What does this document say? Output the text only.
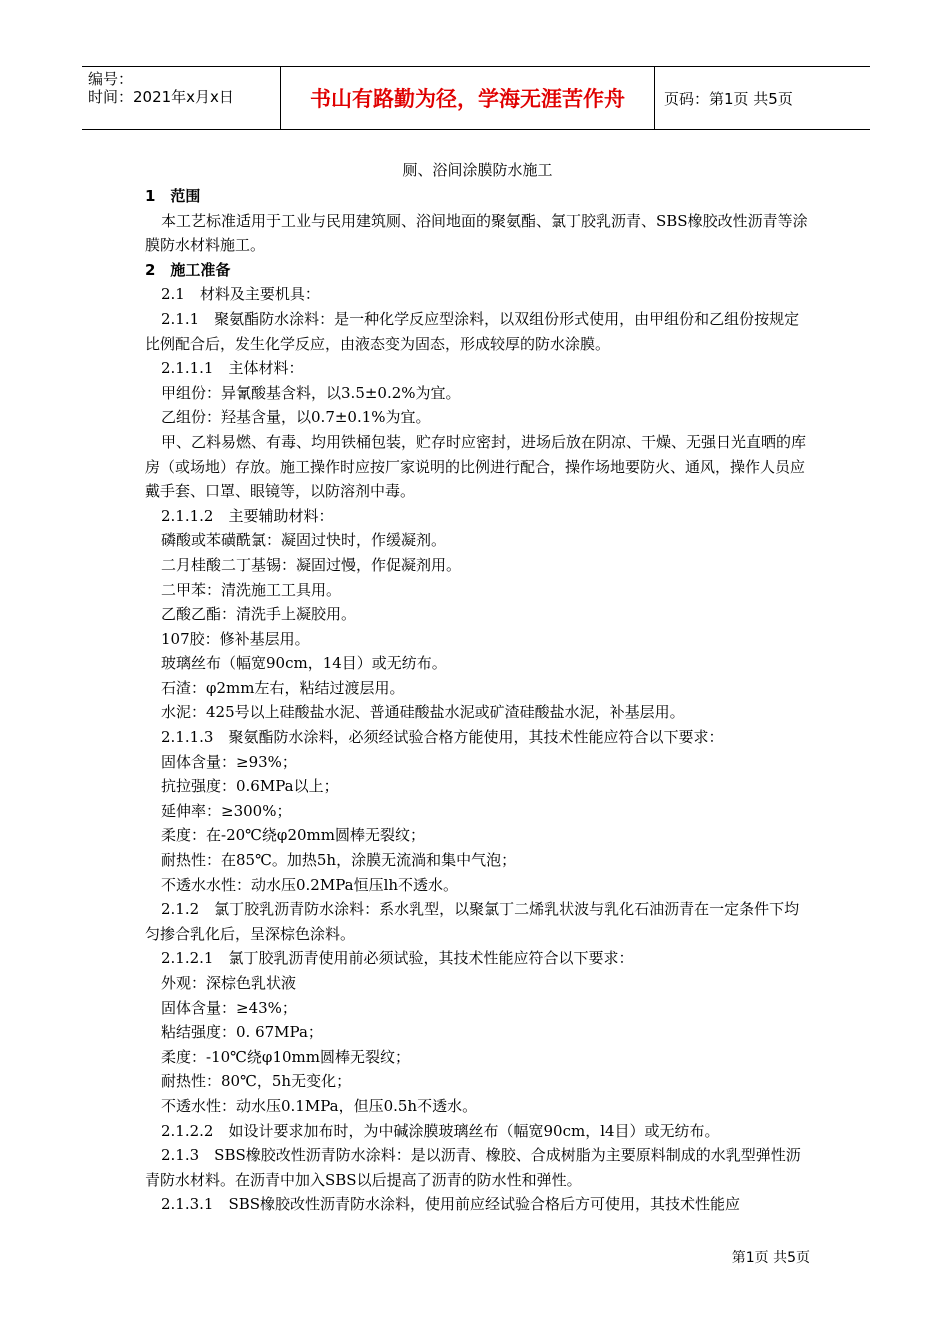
编号：
时间：2021年x月x日	书山有路勤为径，学海无涯苦作舟	页码：第1页 共5页
厕、浴间涂膜防水施工

1　范围

本工艺标准适用于工业与民用建筑厕、浴间地面的聚氨酯、氯丁胶乳沥青、SBS橡胶改性沥青等涂膜防水材料施工。

2　施工准备

2.1　材料及主要机具：

2.1.1　聚氨酯防水涂料：是一种化学反应型涂料，以双组份形式使用，由甲组份和乙组份按规定比例配合后，发生化学反应，由液态变为固态，形成较厚的防水涂膜。

2.1.1.1　主体材料：

甲组份：异氰酸基含料，以3.5±0.2%为宜。

乙组份：羟基含量，以0.7±0.1%为宜。

甲、乙料易燃、有毒、均用铁桶包装，贮存时应密封，进场后放在阴凉、干燥、无强日光直晒的库房（或场地）存放。施工操作时应按厂家说明的比例进行配合，操作场地要防火、通风，操作人员应戴手套、口罩、眼镜等，以防溶剂中毒。

2.1.1.2　主要辅助材料：

磷酸或苯磺酰氯：凝固过快时，作缓凝剂。

二月桂酸二丁基锡：凝固过慢，作促凝剂用。

二甲苯：清洗施工工具用。

乙酸乙酯：清洗手上凝胶用。

107胶：修补基层用。

玻璃丝布（幅宽90cm，14目）或无纺布。

石渣：φ2mm左右，粘结过渡层用。

水泥：425号以上硅酸盐水泥、普通硅酸盐水泥或矿渣硅酸盐水泥，补基层用。

2.1.1.3　聚氨酯防水涂料，必须经试验合格方能使用，其技术性能应符合以下要求：

固体含量：≥93%；

抗拉强度：0.6MPa以上；

延伸率：≥300%；

柔度：在-20℃绕φ20mm圆棒无裂纹；

耐热性：在85℃。加热5h，涂膜无流淌和集中气泡；

不透水水性：动水压0.2MPa恒压lh不透水。

2.1.2　氯丁胶乳沥青防水涂料：系水乳型，以聚氯丁二烯乳状波与乳化石油沥青在一定条件下均匀掺合乳化后，呈深棕色涂料。

2.1.2.1　氯丁胶乳沥青使用前必须试验，其技术性能应符合以下要求：

外观：深棕色乳状液

固体含量：≥43%；

粘结强度：0. 67MPa；

柔度：-10℃绕φ10mm圆棒无裂纹；

耐热性：80℃，5h无变化；

不透水性：动水压0.1MPa，但压0.5h不透水。

2.1.2.2　如设计要求加布时，为中碱涂膜玻璃丝布（幅宽90cm，l4目）或无纺布。

2.1.3　SBS橡胶改性沥青防水涂料：是以沥青、橡胶、合成树脂为主要原料制成的水乳型弹性沥青防水材料。在沥青中加入SBS以后提高了沥青的防水性和弹性。

2.1.3.1　SBS橡胶改性沥青防水涂料，使用前应经试验合格后方可使用，其技术性能应

第1页 共5页
